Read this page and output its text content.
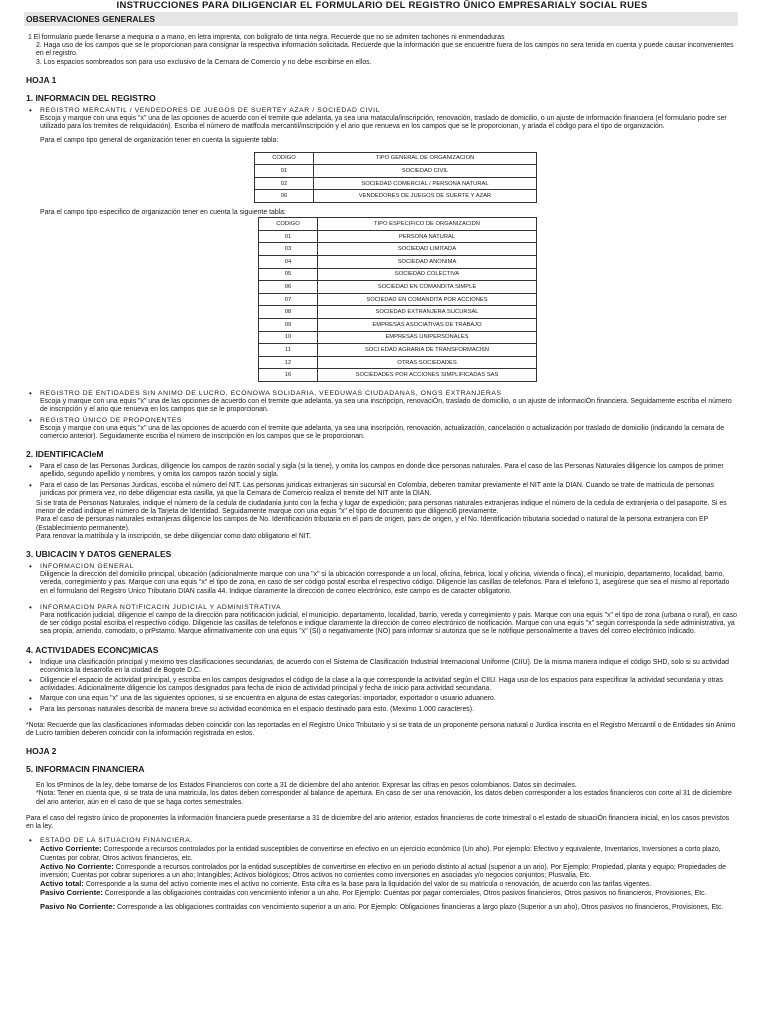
INSTRUCCIONES PARA DILIGENCIAR EL FORMULARIO DEL REGISTRO ÛNICO EMPRESARIALY SOCIAL RUES
OBSERVACIONES GENERALES
1 El formulario puede llenarse a mequina o a mano, en letra imprenta, con boligrafo de tinta negra. Recuerde que no se admiten tachones ni enmendaduras
2. Haga uso de los campos que se le proporcionan para consignar la respectiva información solicitada. Recuerde que la información que se encuentre fuera de los campos no sera tenida en cuenta y puede causar inconvenientes en el registro.
3. Los espacios sombreados son para uso exclusivo de la Cernara de Comercio y no debe escribirse en ellos.
HOJA 1
1. INFORMACIN DEL REGISTRO
• REGISTRO MERCANTIL / VENDEDORES DE JUEGOS DE SUERTEY AZAR / SOCIEDAD CIVIL
Escoja y marque con una equis "x" una de las opciones de acuerdo con el tremite que adelanta, ya sea una matacula/inscripción, renovación, traslado de domicilio, o un ajuste de información financiera (el formulario podre ser utilizado para los tremites de reliquidación). Escriba el número de matffcula mercantil/inscripción y el ario que renueva en los campos que se le proporcionan, y ariada el código para el tipo de organización.
Para el campo tipo general de organización tener en cuenta la siguiente tabla:
CODIGO	TIPO GENERAL DE ORGANIZACION
01	SOCIEDAD CIVIL
02	SOCIEDAD COMERCIAL / PERSONA NATURAL
06	VENDEDORES DE JUEGOS DE SUERTE Y AZAR
Para el campo tipo especifico de organización tener en cuenta la siguiente tabla:
CODIGO	TIPO ESPECIFICO DE ORGANIZACIDN
01	PERSONA NATURAL
03	SOCIEDAD LIMITADA
04	SOCIEDAD ANONIMA
05	SOCIEDAD COLECTIVA
06	SOCIEDAD EN COMANDITA SIMPLE
07	SOCIEDAD EN COMANDITA POR ACCIONES
08	SOCIEDAD EXTRANJERA SUCURSAL
09	EMPRESAS ASOCIATIVAS DE TRABAJO
10	EMPRESAS UNIPERSONALES
11	SOCI EDAD AGRARIA DE TRANSFORMACI6N
12	OTRAS SOCIEDADES
16	SOCIEDADES POR ACCIONES SIMPLIFICADAS SAS
• REGISTRO DE ENTIDADES SIN ANIMO DE LUCRO, ECONOWA SOLIDARIA, VEEDUWAS CIUDADANAS, ONGS EXTRANJERAS
Escoja y marque con una equis "x" una de las opciones de acuerdo con el tremite que adelanta, ya sea una inscripcipn, renovaciÓn, traslado de domicilio, o un ajuste de informaciÓn financiera. Seguidamente escriba el número de inscripción y el ario que renueva en los campos que se le proporcionan.
• REGISTRO ÚNICO DE PROPONENTES
Escoja y marque con una equis "x" una de las opciones de acuerdo con el tremite que adelanta, ya sea una inscripción, renovación, actualización, cancelación o actualización por traslado de domicilio (indicando la cemara de comercio anterior). Seguidamente escriba el número de inscripción en los campos que se le proporcionan.
2. IDENTIFICACIeM
• Para el caso de las Personas Jurdicas, diligencie los campos de razón social y sigla (si la tiene), y omita los campos en donde dice personas naturales. Para el caso de las Personas Naturales diligencie los campos de primer apellido, segundo apellido y nombres, y omita los campos razón social y sigla.
• Para el caso de las Personas Jurdicas, escriba el número del NIT. Las personas juridicas extranjeras sin sucursal en Colombia, deberen tramitar previamente el NIT ante la DIAN. Cuando se trate de matricula de personas juridicas por primera vez, no debe diligenciar esta casilla, ya que la Cemara de Comercio realiza el tremite del NIT ante la DIAN.
Si se trata de Personas Naturales, indique el número de la cedula de ciudadania junto con la fecha y lugar de expedición; para personas naturales extranjeras indique el número de la cedula de extranjeria o del pasaporte. Si es menor de edad indique el número de la Tarjeta de Identidad. Seguidamente marque con una equis "x" el tipo de documento que diligenci6 previamente.
Para el caso de personas naturales extranjeras diligencie los campos de No. Identificación tributaria en el pars de origen, pars de origen, y el No. Identificación tributaria sociedad o natural de la persona extranjera con EP (Establecimiento permanente).
Para renovar la matribula y la inscripción, se debe diligenciar como dato obligatorio el NIT.
3. UBICACIN Y DATOS GENERALES
• INFORMACION GENERAL
Diligencie la dirección del domicilio principal, ubicación (adicionalmente marque con una "x" si la ubicación corresponde a un local, oficina, febrica, local y oficina, vivienda o finca), el municipio, departamento, localidad, barrio, vereda, corregimiento y pas. Marque con una equis "x" el tipo de zona, en caso de ser código postal escriba el respectivo código. Diligencie las casillas de telefonos. Para el telefono 1, asegúrese que sea el mismo al reportado en el formulario del Registro Unico Tributario DIAN casilla 44. Indique claramente la dirección de correo electrónico, este campo es de caracter obligatorio.
• INFORMACION PARA NOTIFICACIN JUDICIAL Y ADMINISTRATIVA
Para notificación judicial, diligencie el campo de la dirección para notificación judicial, el municipio. departamento, localidad, barrio, vereda y corregimiento y pais. Marque con una equis "x" el tipo de zona (urbana o rural), en caso de ser código postal escriba el respectivo código. Diligencie las casillas de telefonos e indique claramente la dirección de correo electrónico de notificación. Marque con una equis "x" según corresponda la sede administrativa, ya sea propia, arriendo, comodato, o prPstamo. Marque afirmativamente con una equis "x" (SI) o negativamente (NO) para informar si autoriza que se le notifique personalmente a traves del correo electrónico indicado.
4. ACTIV1DADES ECONC)MICAS
• Indique una clasificación principal y meximo tres clasificaciones secundarias, de acuerdo con el Sistema de Clasificación Industrial Internacional Uniforme (CIIU). De la misma manera indique el código SHD, solo si su actividad económica la desarrolla en la ciudad de Bogote D.C.
• Diligencie el espacio de actividad principal, y escriba en los campos designados el código de la clase a la que corresponde la actividad según el CIIU. Haga uso de los espacios para especificar la actividad secundaria y otras actividades. Adicionalmente diligencie los campos designados para fecha de inicio de actividad principal y fecha de inicio para actividad secundaria.
• Marque con una equis "x" una de las siguientes opciones, si se encuentra en alguna de estas categorías: importador, exportador o usuario aduanero.
• Para las personas naturales describa de manera breve su actividad económica en el espacio destinado para esto. (Meximo 1.000 caracteres).
*Nota: Recuerde que las clasificaciones informadas deben coincidir con las reportadas en el Registro Único Tributario y si se trata de un proponente persona natural o Jurdica inscrita en el Registro Mercantil o de Entidades sin Animo de Lucro tarribien deberen coincidir con la información registrada en estos.
HOJA 2
5. INFORMACIN FINANCIERA
En los tPrminos de la ley, debe tomarse de los Estados Financieros con corte a 31 de diciembre del aho anterior. Expresar las cifras en pesos colombianos. Datos sin decimales.
*Nota: Tener en cuenta que, si se trata de una matricula, los datos deben corresponder al balance de apertura. En caso de ser una renovación, los datos deben corresponder a los estados financieros con corte al 31 de diciembre del ario anterior, aún en el caso de que se haga cortes semestrales.
Para el caso del registro único de proponentes la información financiera puede presentarse a 31 de diciembre del ario anterior, estados financieros de corte trimestral o el estado de situaciÓn financiera inicial, en los casos previstos en la ley.
• ESTADO DE LA SITUACION FINANCIERA.
Activo Corriente: Corresponde a recursos controlados por la entidad susceptibles de convertirse en efectivo en un ejercicio económico (Un aho). Por ejemplo: Efectivo y equivalente, Inventarios, Inversiones a corto plazo, Cuentas por cobrar, Otros activos financieros, etc.
Activo No Corriente: Corresponde a recursos controlados por la entidad susceptibles de convertirse en efectivo en un periodo distinto al actual (superior a un ario). Por Ejemplo: Propiedad, planta y equipo; Propiedades de inversión; Cuentas por cobrar superiores a un aho; Intangibles; Activos biológicos; Otros activos no corrientes como inversiones en asociadas y/o negocios conjuntos; Plusvalia, Etc.
Activo total: Corresponde a la suma del activo corriente mes el activo no corriente. Esta cifra es la base para la liquidación del valor de su matricula o renovación, de acuerdo con las tarifas vigentes.
Pasivo Corriente: Corresponde a las obligaciones contraidas con vencimiento inferior a un aho. Por Ejemplo: Cuentas por pagar comerciales, Otros pasivos financieros, Otros pasivos no financieros, Provisiones, Etc.
Pasivo No Corriente: Corresponde a las obligaciones contraidas con vencimiento superior a un ario. Por Ejemplo: Obligaciones financieras a largo plazo (Superior a un aho), Otros pasivos no financieros, Provisiones, Etc.
